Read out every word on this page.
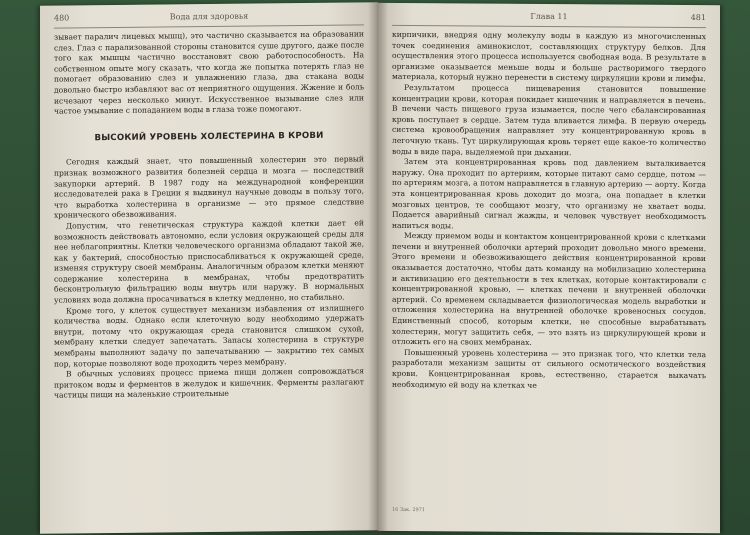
480	Вода для здоровья

зывает паралич лицевых мышц), это частично сказывается на образовании слез. Глаз с парализованной стороны становится суше другого, даже после того как мышцы частично восстановят свою работоспособность. На собственном опыте могу сказать, что когда же попытка потерять глаз не помогает образованию слез и увлажнению глаза, два стакана воды довольно быстро избавляют вас от неприятного ощущения. Жжение и боль исчезают через несколько минут. Искусственное вызывание слез или частое умывание с попаданием воды в глаза тоже помогают.

ВЫСОКИЙ УРОВЕНЬ ХОЛЕСТЕРИНА В КРОВИ

Сегодня каждый знает, что повышенный холестерин это первый признак возможного развития болезней сердца и мозга — последствий закупорки артерий. В 1987 году на международной конференции исследователей рака в Греции я выдвинул научные доводы в пользу того, что выработка холестерина в организме — это прямое следствие хронического обезвоживания.

Допустим, что генетическая структура каждой клетки дает ей возможность действовать автономно, если условия окружающей среды для нее неблагоприятны. Клетки человеческого организма обладают такой же, как у бактерий, способностью приспосабливаться к окружающей среде, изменяя структуру своей мембраны. Аналогичным образом клетки меняют содержание холестерина в мембранах, чтобы предотвратить бесконтрольную фильтрацию воды внутрь или наружу. В нормальных условиях вода должна просачиваться в клетку медленно, но стабильно.

Кроме того, у клеток существует механизм избавления от излишнего количества воды. Однако если клеточную воду необходимо удержать внутри, потому что окружающая среда становится слишком сухой, мембрану клетки следует запечатать. Запасы холестерина в структуре мембраны выполняют задачу по запечатыванию — закрытию тех самых пор, которые позволяют воде проходить через мембрану.

В обычных условиях процесс приема пищи должен сопровождаться притоком воды и ферментов в желудок и кишечник. Ферменты разлагают частицы пищи на маленькие строительные

Глава 11	481

кирпичики, внедряя одну молекулу воды в каждую из многочисленных точек соединения аминокислот, составляющих структуру белков. Для осуществления этого процесса используется свободная вода. В результате в организме оказывается меньше воды и больше растворимого твердого материала, который нужно перенести в систему циркуляции крови и лимфы.

Результатом процесса пищеварения становится повышение концентрации крови, которая покидает кишечник и направляется в печень. В печени часть пищевого груза изымается, после чего сбалансированная кровь поступает в сердце. Затем туда вливается лимфа. В первую очередь система кровообращения направляет эту концентрированную кровь в легочную ткань. Тут циркулирующая кровь теряет еще какое-то количество воды в виде пара, выделяемой при дыхании.

Затем эта концентрированная кровь под давлением выталкивается наружу. Она проходит по артериям, которые питают само сердце, потом — по артериям мозга, а потом направляется в главную артерию — аорту. Когда эта концентрированная кровь доходит до мозга, она попадает в клетки мозговых центров, те сообщают мозгу, что организму не хватает воды. Подается аварийный сигнал жажды, и человек чувствует необходимость напиться воды.

Между приемом воды и контактом концентрированной крови с клетками печени и внутренней оболочки артерий проходит довольно много времени. Этого времени и обезвоживающего действия концентрированной крови оказывается достаточно, чтобы дать команду на мобилизацию холестерина и активизацию его деятельности в тех клетках, которые контактировали с концентрированной кровью, — клетках печени и внутренней оболочки артерий. Со временем складывается физиологическая модель выработки и отложения холестерина на внутренней оболочке кровеносных сосудов. Единственный способ, которым клетки, не способные вырабатывать холестерин, могут защитить себя, — это взять из циркулирующей крови и отложить его на своих мембранах.

Повышенный уровень холестерина — это признак того, что клетки тела разработали механизм защиты от сильного осмотического воздействия крови. Концентрированная кровь, естественно, старается выкачать необходимую ей воду на клетках че

16 Зак. 2971
